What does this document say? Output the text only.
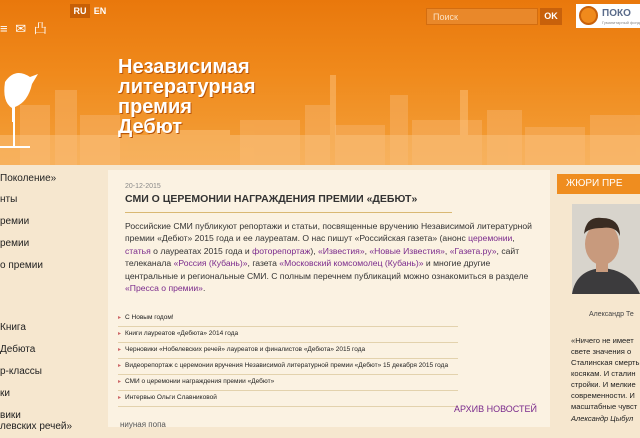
≡ ✉ 凸
RU EN
Поиск	OK	ПОКО
Гуманитарный фонд
Независимая
литературная
премия
Дебют
Поколение»
нты
ремии
ремии
о премии
Книга
Дебюта
р-классы
ки
вики
левских речей»
20-12-2015
СМИ О ЦЕРЕМОНИИ НАГРАЖДЕНИЯ ПРЕМИИ «ДЕБЮТ»
Российские СМИ публикуют репортажи и статьи, посвященные вручению Независимой литературной премии «Дебют» 2015 года и ее лауреатам. О нас пишут «Российская газета» (анонс церемонии, статья о лауреатах 2015 года и фоторепортаж), «Известия», «Новые Известия», «Газета.ру», сайт телеканала «Россия (Кубань)», газета «Московский комсомолец (Кубань)» и многие другие центральные и региональные СМИ. С полным перечнем публикаций можно ознакомиться в разделе «Пресса о премии».
▸ С Новым годом!
▸ Книги лауреатов «Дебюта» 2014 года
▸ Черновики «Нобелевских речей» лауреатов и финалистов «Дебюта» 2015 года
▸ Видеорепортаж с церемонии вручения Независимой литературной премии «Дебют» 15 декабря 2015 года
▸ СМИ о церемонии награждения премии «Дебют»
▸ Интервью Ольги Славниковой
АРХИВ НОВОСТЕЙ
ниуная попа
ЖЮРИ ПРЕ
Александр Те
«Ничего не имеет
свете значения о
Сталинская смерть
косякам. И сталин
стройки. И мелкие
современности. И
масштабные чувст
Александр Цыбул
